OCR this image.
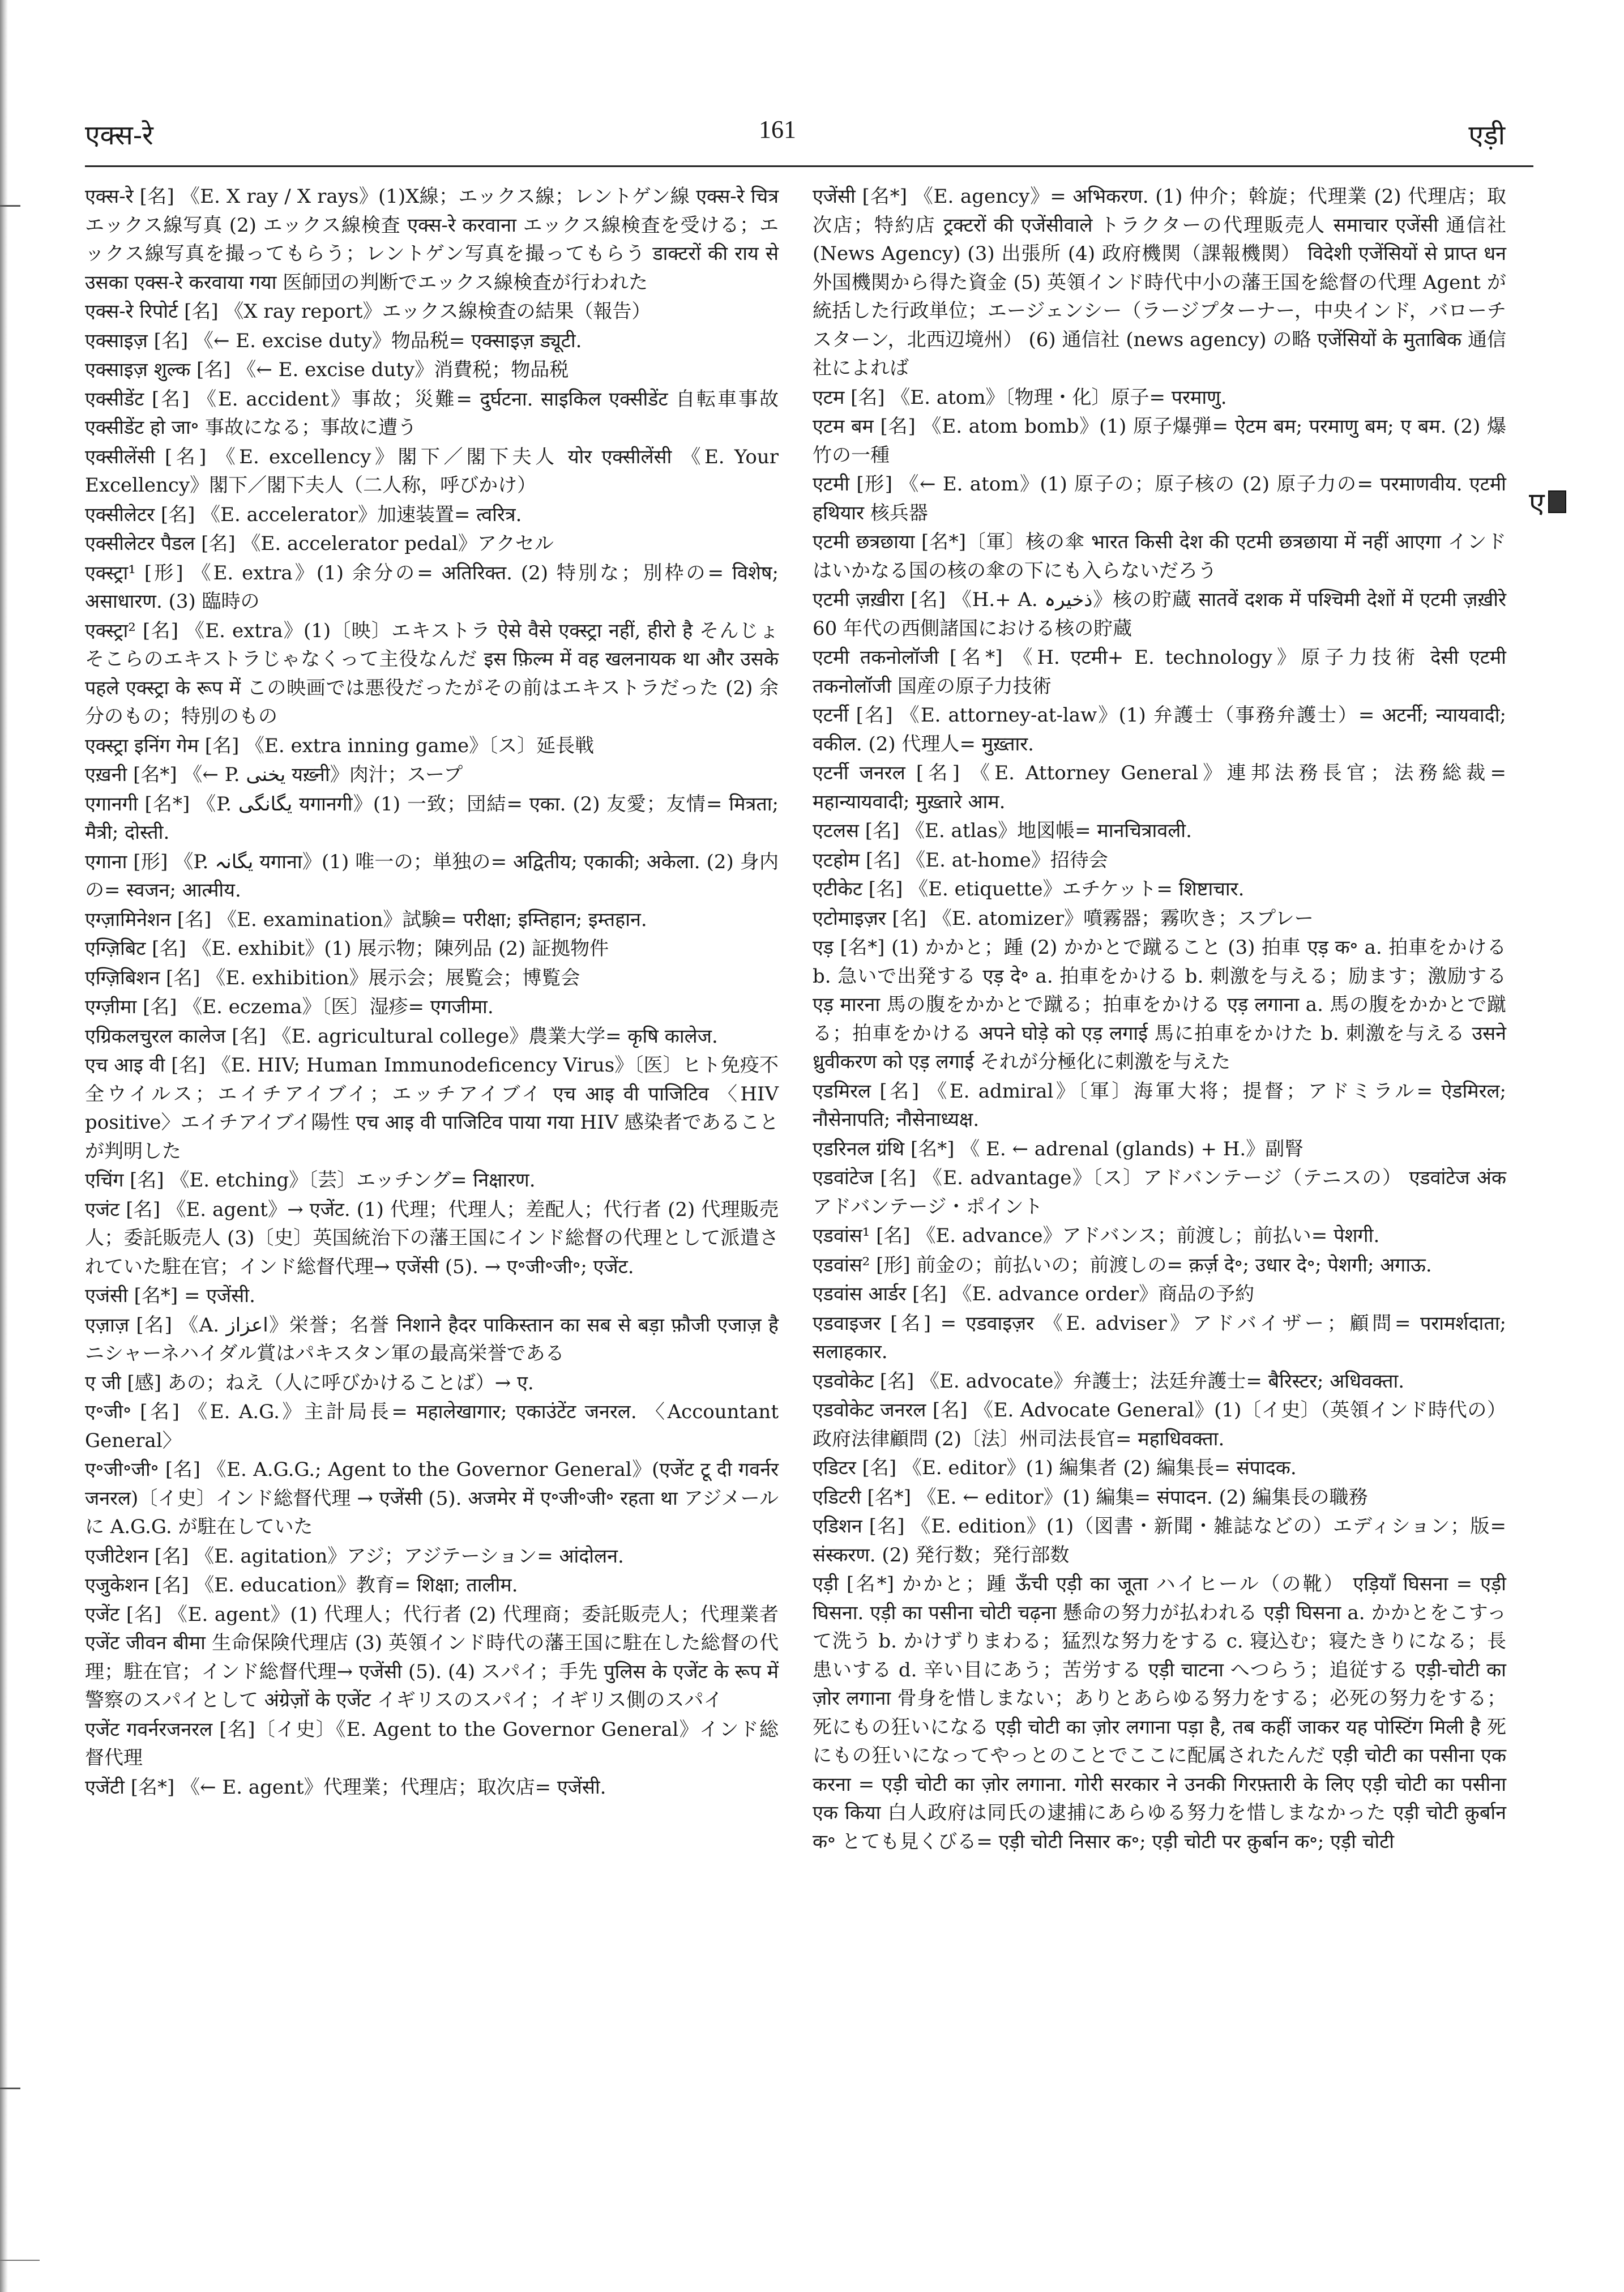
एक्स-रे	161	एड़ी
ए

एक्स-रे [名] 《E. X ray / X rays》(1)X線；エックス線；レントゲン線 एक्स-रे चित्र エックス線写真 (2) エックス線検査 एक्स-रे करवाना エックス線検査を受ける；エックス線写真を撮ってもらう；レントゲン写真を撮ってもらう डाक्टरों की राय से उसका एक्स-रे करवाया गया 医師団の判断でエックス線検査が行われた

एक्स-रे रिपोर्ट [名] 《X ray report》エックス線検査の結果（報告）

एक्साइज़ [名] 《← E. excise duty》物品税= एक्साइज़ ड्यूटी.

एक्साइज़ शुल्क [名] 《← E. excise duty》消費税；物品税

एक्सीडेंट [名] 《E. accident》事故；災難= दुर्घटना. साइकिल एक्सीडेंट 自転車事故 एक्सीडेंट हो जा॰ 事故になる；事故に遭う

एक्सीलेंसी [名] 《E. excellency》閣下／閣下夫人 योर एक्सीलेंसी 《E. Your Excellency》閣下／閣下夫人（二人称，呼びかけ）

एक्सीलेटर [名] 《E. accelerator》加速装置= त्वरित्र.

एक्सीलेटर पैडल [名] 《E. accelerator pedal》アクセル

एक्स्ट्रा¹ [形] 《E. extra》(1) 余分の= अतिरिक्त. (2) 特別な；別枠の= विशेष; असाधारण. (3) 臨時の

एक्स्ट्रा² [名] 《E. extra》(1)〔映〕エキストラ ऐसे वैसे एक्स्ट्रा नहीं, हीरो है そんじょそこらのエキストラじゃなくって主役なんだ इस फ़िल्म में वह खलनायक था और उसके पहले एक्स्ट्रा के रूप में この映画では悪役だったがその前はエキストラだった (2) 余分のもの；特別のもの

एक्स्ट्रा इनिंग गेम [名] 《E. extra inning game》〔ス〕延長戦

एख़नी [名*] 《← P. یخنی यख़्नी》肉汁；スープ

एगानगी [名*] 《P. یگانگی यगानगी》(1) 一致；団結= एका. (2) 友愛；友情= मित्रता; मैत्री; दोस्ती.

एगाना [形] 《P. یگانہ यगाना》(1) 唯一の；単独の= अद्वितीय; एकाकी; अकेला. (2) 身内の= स्वजन; आत्मीय.

एग्ज़ामिनेशन [名] 《E. examination》試験= परीक्षा; इम्तिहान; इम्तहान.

एग्ज़िबिट [名] 《E. exhibit》(1) 展示物；陳列品 (2) 証拠物件

एग्ज़िबिशन [名] 《E. exhibition》展示会；展覧会；博覧会

एग्ज़ीमा [名] 《E. eczema》〔医〕湿疹= एगजीमा.

एग्रिकलचुरल कालेज [名] 《E. agricultural college》農業大学= कृषि कालेज.

एच आइ वी [名] 《E. HIV; Human Immunodeficency Virus》〔医〕ヒト免疫不全ウイルス；エイチアイブイ；エッチアイブイ एच आइ वी पाजिटिव 〈HIV positive〉エイチアイブイ陽性 एच आइ वी पाजिटिव पाया गया HIV 感染者であることが判明した

एचिंग [名] 《E. etching》〔芸〕エッチング= निक्षारण.

एजंट [名] 《E. agent》→ एजेंट. (1) 代理；代理人；差配人；代行者 (2) 代理販売人；委託販売人 (3)〔史〕英国統治下の藩王国にインド総督の代理として派遣されていた駐在官；インド総督代理→ एजेंसी (5). → ए॰जी॰जी॰; एजेंट.

एजंसी [名*] = एजेंसी.

एज़ाज़ [名] 《A. اعزاز》栄誉；名誉 निशाने हैदर पाकिस्तान का सब से बड़ा फ़ौजी एजाज़ है ニシャーネハイダル賞はパキスタン軍の最高栄誉である

ए जी [感] あの；ねえ（人に呼びかけることば）→ ए.

ए॰जी॰ [名] 《E. A.G.》主計局長= महालेखागार; एकाउंटेंट जनरल. 〈Accountant General〉

ए॰जी॰जी॰ [名] 《E. A.G.G.; Agent to the Governor General》(एजेंट टू दी गवर्नर जनरल)〔イ史〕インド総督代理 → एजेंसी (5). अजमेर में ए॰जी॰जी॰ रहता था アジメールに A.G.G. が駐在していた

एजीटेशन [名] 《E. agitation》アジ；アジテーション= आंदोलन.

एजुकेशन [名] 《E. education》教育= शिक्षा; तालीम.

एजेंट [名] 《E. agent》(1) 代理人；代行者 (2) 代理商；委託販売人；代理業者 एजेंट जीवन बीमा 生命保険代理店 (3) 英領インド時代の藩王国に駐在した総督の代理；駐在官；インド総督代理→ एजेंसी (5). (4) スパイ；手先 पुलिस के एजेंट के रूप में 警察のスパイとして अंग्रेज़ों के एजेंट イギリスのスパイ；イギリス側のスパイ

एजेंट गवर्नरजनरल [名]〔イ史〕《E. Agent to the Governor General》インド総督代理

एजेंटी [名*] 《← E. agent》代理業；代理店；取次店= एजेंसी.

एजेंसी [名*] 《E. agency》= अभिकरण. (1) 仲介；斡旋；代理業 (2) 代理店；取次店；特約店 ट्रक्टरों की एजेंसीवाले トラクターの代理販売人 समाचार एजेंसी 通信社 (News Agency) (3) 出張所 (4) 政府機関（課報機関） विदेशी एजेंसियों से प्राप्त धन 外国機関から得た資金 (5) 英領インド時代中小の藩王国を総督の代理 Agent が統括した行政単位；エージェンシー（ラージプターナー，中央インド，バローチスターン，北西辺境州） (6) 通信社 (news agency) の略 एजेंसियों के मुताबिक 通信社によれば

एटम [名] 《E. atom》〔物理・化〕原子= परमाणु.

एटम बम [名] 《E. atom bomb》(1) 原子爆弾= ऐटम बम; परमाणु बम; ए बम. (2) 爆竹の一種

एटमी [形] 《← E. atom》(1) 原子の；原子核の (2) 原子力の= परमाणवीय. एटमी हथियार 核兵器

एटमी छत्रछाया [名*]〔軍〕核の傘 भारत किसी देश की एटमी छत्रछाया में नहीं आएगा インドはいかなる国の核の傘の下にも入らないだろう

एटमी ज़ख़ीरा [名] 《H.+ A. ذخیرہ》核の貯蔵 सातवें दशक में पश्चिमी देशों में एटमी ज़ख़ीरे 60 年代の西側諸国における核の貯蔵

एटमी तकनोलॉजी [名*] 《H. एटमी+ E. technology》原子力技術 देसी एटमी तकनोलॉजी 国産の原子力技術

एटर्नी [名] 《E. attorney-at-law》(1) 弁護士（事務弁護士）= अटर्नी; न्यायवादी; वकील. (2) 代理人= मुख़्तार.

एटर्नी जनरल [名] 《E. Attorney General》連邦法務長官；法務総裁= महान्यायवादी; मुख़्तारे आम.

एटलस [名] 《E. atlas》地図帳= मानचित्रावली.

एटहोम [名] 《E. at-home》招待会

एटीकेट [名] 《E. etiquette》エチケット= शिष्टाचार.

एटोमाइज़र [名] 《E. atomizer》噴霧器；霧吹き；スプレー

एड़ [名*] (1) かかと；踵 (2) かかとで蹴ること (3) 拍車 एड़ क॰ a. 拍車をかける b. 急いで出発する एड़ दे॰ a. 拍車をかける b. 刺激を与える；励ます；激励する एड़ मारना 馬の腹をかかとで蹴る；拍車をかける एड़ लगाना a. 馬の腹をかかとで蹴る；拍車をかける अपने घोड़े को एड़ लगाई 馬に拍車をかけた b. 刺激を与える उसने ध्रुवीकरण को एड़ लगाई それが分極化に刺激を与えた

एडमिरल [名] 《E. admiral》〔軍〕海軍大将；提督；アドミラル= ऐडमिरल; नौसेनापति; नौसेनाध्यक्ष.

एडरिनल ग्रंथि [名*] 《 E. ← adrenal (glands) + H.》副腎

एडवांटेज [名] 《E. advantage》〔ス〕アドバンテージ（テニスの） एडवांटेज अंक アドバンテージ・ポイント

एडवांस¹ [名] 《E. advance》アドバンス；前渡し；前払い= पेशगी.

एडवांस² [形] 前金の；前払いの；前渡しの= क़र्ज़ दे॰; उधार दे॰; पेशगी; अगाऊ.

एडवांस आर्डर [名] 《E. advance order》商品の予約

एडवाइजर [名] = एडवाइज़र 《E. adviser》アドバイザー；顧問= परामर्शदाता; सलाहकार.

एडवोकेट [名] 《E. advocate》弁護士；法廷弁護士= बैरिस्टर; अधिवक्ता.

एडवोकेट जनरल [名] 《E. Advocate General》(1)〔イ史〕（英領インド時代の）政府法律顧問 (2)〔法〕州司法長官= महाधिवक्ता.

एडिटर [名] 《E. editor》(1) 編集者 (2) 編集長= संपादक.

एडिटरी [名*] 《E. ← editor》(1) 編集= संपादन. (2) 編集長の職務

एडिशन [名] 《E. edition》(1)（図書・新聞・雑誌などの）エディション；版= संस्करण. (2) 発行数；発行部数

एड़ी [名*] かかと；踵 ऊँची एड़ी का जूता ハイヒール（の靴） एड़ियाँ घिसना = एड़ी घिसना. एड़ी का पसीना चोटी चढ़ना 懸命の努力が払われる एड़ी घिसना a. かかとをこすって洗う b. かけずりまわる；猛烈な努力をする c. 寝込む；寝たきりになる；長患いする d. 辛い目にあう；苦労する एड़ी चाटना へつらう；追従する एड़ी-चोटी का ज़ोर लगाना 骨身を惜しまない；ありとあらゆる努力をする；必死の努力をする；死にもの狂いになる एड़ी चोटी का ज़ोर लगाना पड़ा है, तब कहीं जाकर यह पोस्टिंग मिली है 死にもの狂いになってやっとのことでここに配属されたんだ एड़ी चोटी का पसीना एक करना = एड़ी चोटी का ज़ोर लगाना. गोरी सरकार ने उनकी गिरफ़्तारी के लिए एड़ी चोटी का पसीना एक किया 白人政府は同氏の逮捕にあらゆる努力を惜しまなかった एड़ी चोटी क़ुर्बान क॰ とても見くびる= एड़ी चोटी निसार क॰; एड़ी चोटी पर क़ुर्बान क॰; एड़ी चोटी
